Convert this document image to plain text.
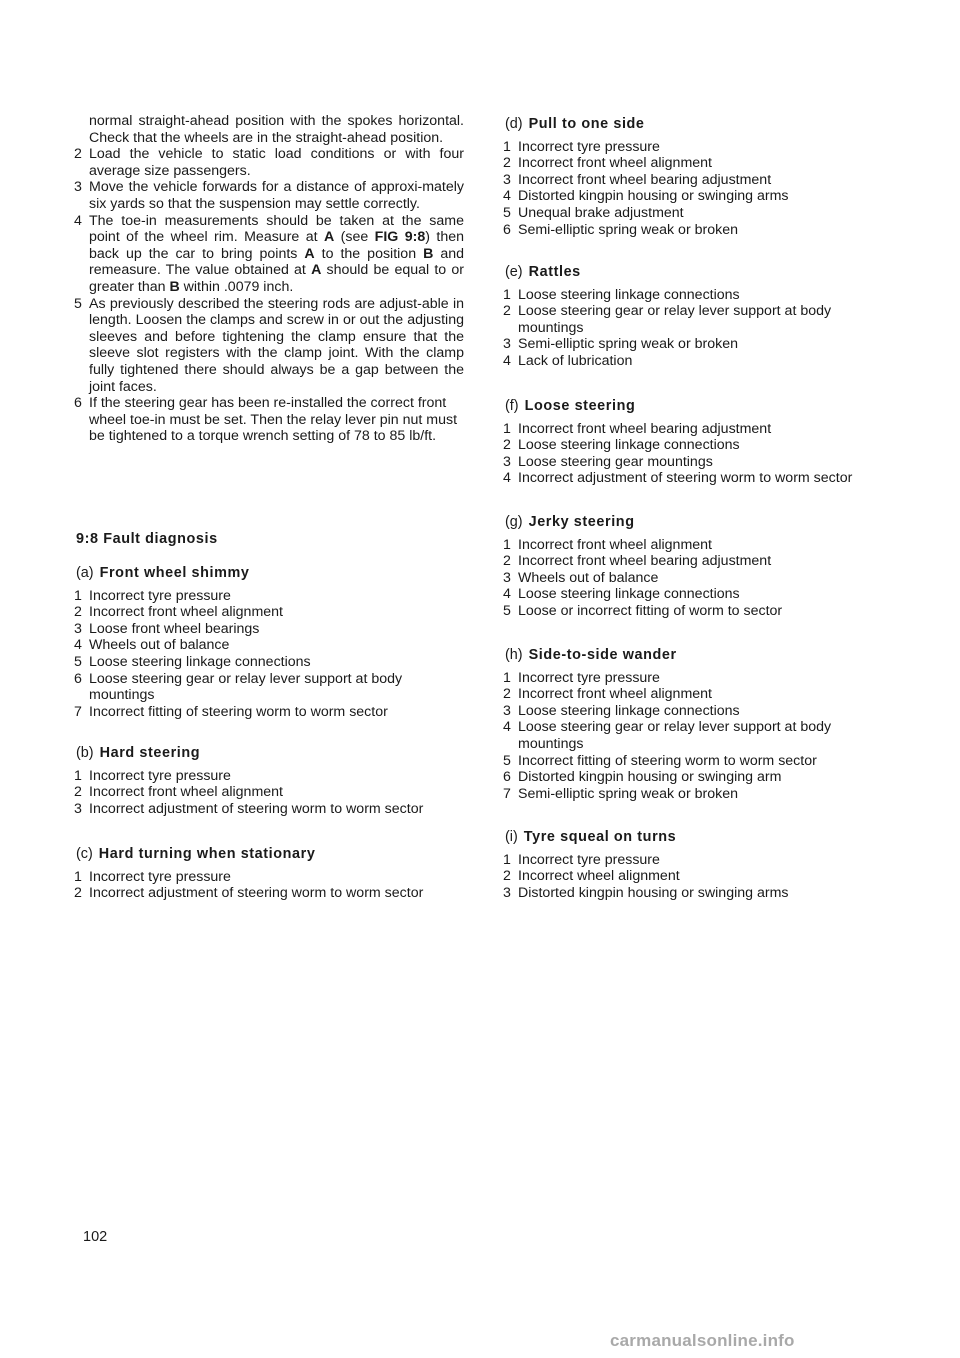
normal straight-ahead position with the spokes horizontal. Check that the wheels are in the straight-ahead position.

2 Load the vehicle to static load conditions or with four average size passengers.

3 Move the vehicle forwards for a distance of approxi-mately six yards so that the suspension may settle correctly.

4 The toe-in measurements should be taken at the same point of the wheel rim. Measure at A (see FIG 9:8) then back up the car to bring points A to the position B and remeasure. The value obtained at A should be equal to or greater than B within .0079 inch.

5 As previously described the steering rods are adjust-able in length. Loosen the clamps and screw in or out the adjusting sleeves and before tightening the clamp ensure that the sleeve slot registers with the clamp joint. With the clamp fully tightened there should always be a gap between the joint faces.

6 If the steering gear has been re-installed the correct front wheel toe-in must be set. Then the relay lever pin nut must be tightened to a torque wrench setting of 78 to 85 lb/ft.

9:8 Fault diagnosis
(a) Front wheel shimmy
1 Incorrect tyre pressure
2 Incorrect front wheel alignment
3 Loose front wheel bearings
4 Wheels out of balance
5 Loose steering linkage connections
6 Loose steering gear or relay lever support at body mountings
7 Incorrect fitting of steering worm to worm sector
(b) Hard steering
1 Incorrect tyre pressure
2 Incorrect front wheel alignment
3 Incorrect adjustment of steering worm to worm sector
(c) Hard turning when stationary
1 Incorrect tyre pressure
2 Incorrect adjustment of steering worm to worm sector
(d) Pull to one side
1 Incorrect tyre pressure
2 Incorrect front wheel alignment
3 Incorrect front wheel bearing adjustment
4 Distorted kingpin housing or swinging arms
5 Unequal brake adjustment
6 Semi-elliptic spring weak or broken
(e) Rattles
1 Loose steering linkage connections
2 Loose steering gear or relay lever support at body mountings
3 Semi-elliptic spring weak or broken
4 Lack of lubrication
(f) Loose steering
1 Incorrect front wheel bearing adjustment
2 Loose steering linkage connections
3 Loose steering gear mountings
4 Incorrect adjustment of steering worm to worm sector
(g) Jerky steering
1 Incorrect front wheel alignment
2 Incorrect front wheel bearing adjustment
3 Wheels out of balance
4 Loose steering linkage connections
5 Loose or incorrect fitting of worm to sector
(h) Side-to-side wander
1 Incorrect tyre pressure
2 Incorrect front wheel alignment
3 Loose steering linkage connections
4 Loose steering gear or relay lever support at body mountings
5 Incorrect fitting of steering worm to worm sector
6 Distorted kingpin housing or swinging arm
7 Semi-elliptic spring weak or broken
(i) Tyre squeal on turns
1 Incorrect tyre pressure
2 Incorrect wheel alignment
3 Distorted kingpin housing or swinging arms
102
carmanualsonline.info
